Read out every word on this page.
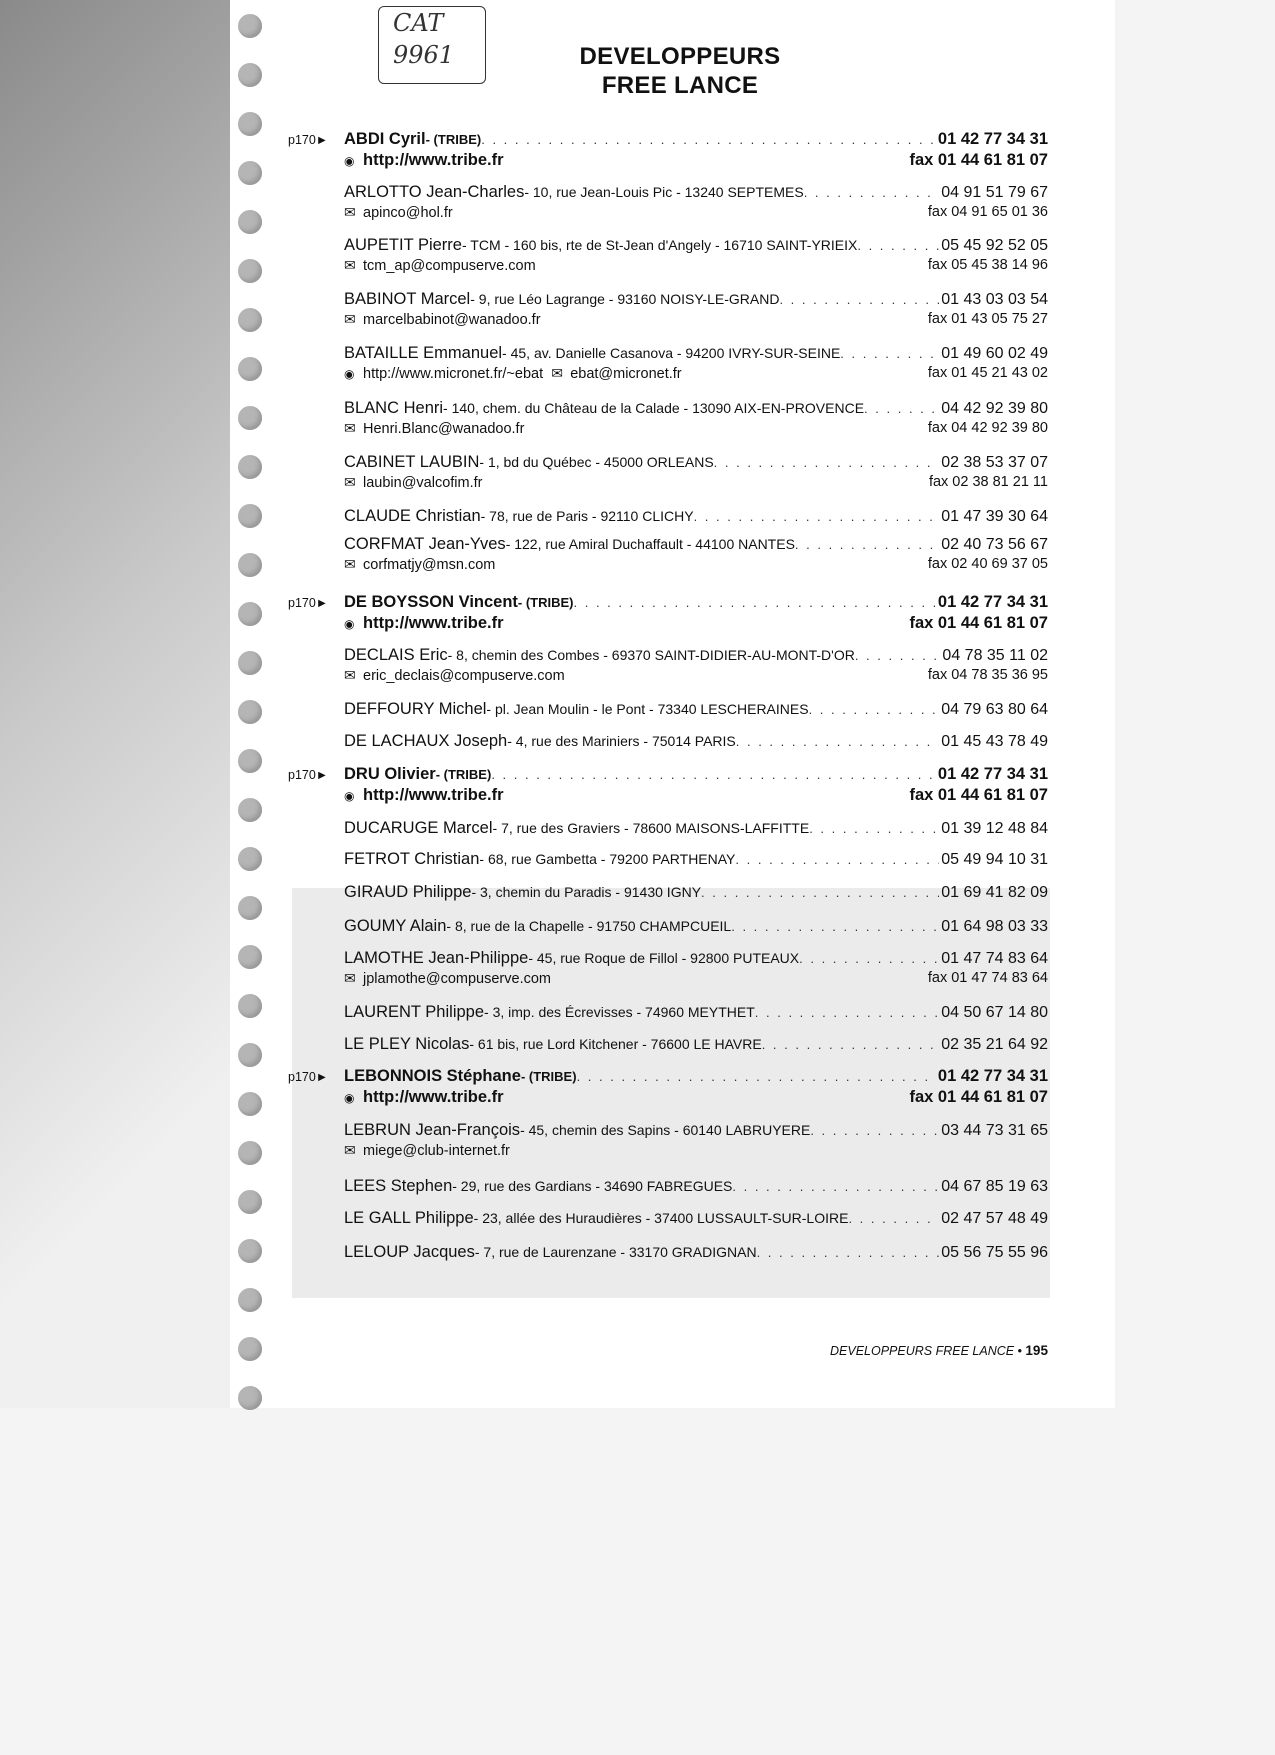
CAT
9961	DEVELOPPEURS
FREE LANCE
p170► ABDI Cyril - (TRIBE) . . .	01 42 77 34 31
◉ http://www.tribe.fr	fax 01 44 61 81 07
ARLOTTO Jean-Charles - 10, rue Jean-Louis Pic - 13240 SEPTEMES . . .	04 91 51 79 67
✉ apinco@hol.fr	fax 04 91 65 01 36
AUPETIT Pierre - TCM - 160 bis, rte de St-Jean d'Angely - 16710 SAINT-YRIEIX . . .	05 45 92 52 05
✉ tcm_ap@compuserve.com	fax 05 45 38 14 96
BABINOT Marcel - 9, rue Léo Lagrange - 93160 NOISY-LE-GRAND . . .	01 43 03 03 54
✉ marcelbabinot@wanadoo.fr	fax 01 43 05 75 27
BATAILLE Emmanuel - 45, av. Danielle Casanova - 94200 IVRY-SUR-SEINE . . .	01 49 60 02 49
◉ http://www.micronet.fr/~ebat ✉ ebat@micronet.fr	fax 01 45 21 43 02
BLANC Henri - 140, chem. du Château de la Calade - 13090 AIX-EN-PROVENCE . . .	04 42 92 39 80
✉ Henri.Blanc@wanadoo.fr	fax 04 42 92 39 80
CABINET LAUBIN - 1, bd du Québec - 45000 ORLEANS . . .	02 38 53 37 07
✉ laubin@valcofim.fr	fax 02 38 81 21 11
CLAUDE Christian - 78, rue de Paris - 92110 CLICHY . . .	01 47 39 30 64
CORFMAT Jean-Yves - 122, rue Amiral Duchaffault - 44100 NANTES . . .	02 40 73 56 67
✉ corfmatjy@msn.com	fax 02 40 69 37 05
p170► DE BOYSSON Vincent - (TRIBE) . . .	01 42 77 34 31
◉ http://www.tribe.fr	fax 01 44 61 81 07
DECLAIS Eric - 8, chemin des Combes - 69370 SAINT-DIDIER-AU-MONT-D'OR . . .	04 78 35 11 02
✉ eric_declais@compuserve.com	fax 04 78 35 36 95
DEFFOURY Michel - pl. Jean Moulin - le Pont - 73340 LESCHERAINES . . .	04 79 63 80 64
DE LACHAUX Joseph - 4, rue des Mariniers - 75014 PARIS . . .	01 45 43 78 49
p170► DRU Olivier - (TRIBE) . . .	01 42 77 34 31
◉ http://www.tribe.fr	fax 01 44 61 81 07
DUCARUGE Marcel - 7, rue des Graviers - 78600 MAISONS-LAFFITTE . . .	01 39 12 48 84
FETROT Christian - 68, rue Gambetta - 79200 PARTHENAY . . .	05 49 94 10 31
GIRAUD Philippe - 3, chemin du Paradis - 91430 IGNY . . .	01 69 41 82 09
GOUMY Alain - 8, rue de la Chapelle - 91750 CHAMPCUEIL . . .	01 64 98 03 33
LAMOTHE Jean-Philippe - 45, rue Roque de Fillol - 92800 PUTEAUX . . .	01 47 74 83 64
✉ jplamothe@compuserve.com	fax 01 47 74 83 64
LAURENT Philippe - 3, imp. des Écrevisses - 74960 MEYTHET . . .	04 50 67 14 80
LE PLEY Nicolas - 61 bis, rue Lord Kitchener - 76600 LE HAVRE . . .	02 35 21 64 92
p170► LEBONNOIS Stéphane - (TRIBE) . . .	01 42 77 34 31
◉ http://www.tribe.fr	fax 01 44 61 81 07
LEBRUN Jean-François - 45, chemin des Sapins - 60140 LABRUYERE . . .	03 44 73 31 65
✉ miege@club-internet.fr
LEES Stephen - 29, rue des Gardians - 34690 FABREGUES . . .	04 67 85 19 63
LE GALL Philippe - 23, allée des Huraudières - 37400 LUSSAULT-SUR-LOIRE . . .	02 47 57 48 49
LELOUP Jacques - 7, rue de Laurenzane - 33170 GRADIGNAN . . .	05 56 75 55 96
DEVELOPPEURS FREE LANCE • 195
